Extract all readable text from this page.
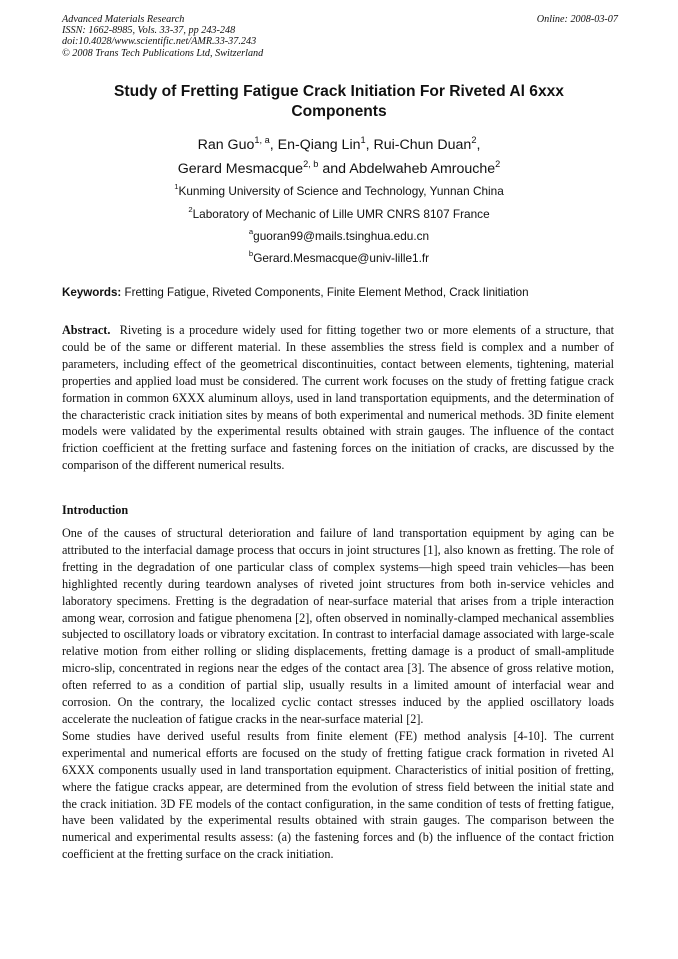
Advanced Materials Research
ISSN: 1662-8985, Vols. 33-37, pp 243-248
doi:10.4028/www.scientific.net/AMR.33-37.243
© 2008 Trans Tech Publications Ltd, Switzerland
Online: 2008-03-07
Study of Fretting Fatigue Crack Initiation For Riveted Al 6xxx
Components
Ran Guo$^{1, a}$, En-Qiang Lin$^1$, Rui-Chun Duan$^2$,
Gerard Mesmacque$^{2, b}$ and Abdelwaheb Amrouche$^2$
$^1$Kunming University of Science and Technology, Yunnan China
$^2$Laboratory of Mechanic of Lille UMR CNRS 8107 France
$^a$guoran99@mails.tsinghua.edu.cn
$^b$Gerard.Mesmacque@univ-lille1.fr
Keywords: Fretting Fatigue, Riveted Components, Finite Element Method, Crack Iinitiation
Abstract. Riveting is a procedure widely used for fitting together two or more elements of a structure, that could be of the same or different material. In these assemblies the stress field is complex and a number of parameters, including effect of the geometrical discontinuities, contact between elements, tightening, material properties and applied load must be considered. The current work focuses on the study of fretting fatigue crack formation in common 6XXX aluminum alloys, used in land transportation equipments, and the determination of the characteristic crack initiation sites by means of both experimental and numerical methods. 3D finite element models were validated by the experimental results obtained with strain gauges. The influence of the contact friction coefficient at the fretting surface and fastening forces on the initiation of cracks, are discussed by the comparison of the different numerical results.
Introduction

One of the causes of structural deterioration and failure of land transportation equipment by aging can be attributed to the interfacial damage process that occurs in joint structures [1], also known as fretting. The role of fretting in the degradation of one particular class of complex systems—high speed train vehicles—has been highlighted recently during teardown analyses of riveted joint structures from both in-service vehicles and laboratory specimens. Fretting is the degradation of near-surface material that arises from a triple interaction among wear, corrosion and fatigue phenomena [2], often observed in nominally-clamped mechanical assemblies subjected to oscillatory loads or vibratory excitation. In contrast to interfacial damage associated with large-scale relative motion from either rolling or sliding displacements, fretting damage is a product of small-amplitude micro-slip, concentrated in regions near the edges of the contact area [3]. The absence of gross relative motion, often referred to as a condition of partial slip, usually results in a limited amount of interfacial wear and corrosion. On the contrary, the localized cyclic contact stresses induced by the applied oscillatory loads accelerate the nucleation of fatigue cracks in the near-surface material [2].

Some studies have derived useful results from finite element (FE) method analysis [4-10]. The current experimental and numerical efforts are focused on the study of fretting fatigue crack formation in riveted Al 6XXX components usually used in land transportation equipment. Characteristics of initial position of fretting, where the fatigue cracks appear, are determined from the evolution of stress field between the initial state and the crack initiation. 3D FE models of the contact configuration, in the same condition of tests of fretting fatigue, have been validated by the experimental results obtained with strain gauges. The comparison between the numerical and experimental results assess: (a) the fastening forces and (b) the influence of the contact friction coefficient at the fretting surface on the crack initiation.
